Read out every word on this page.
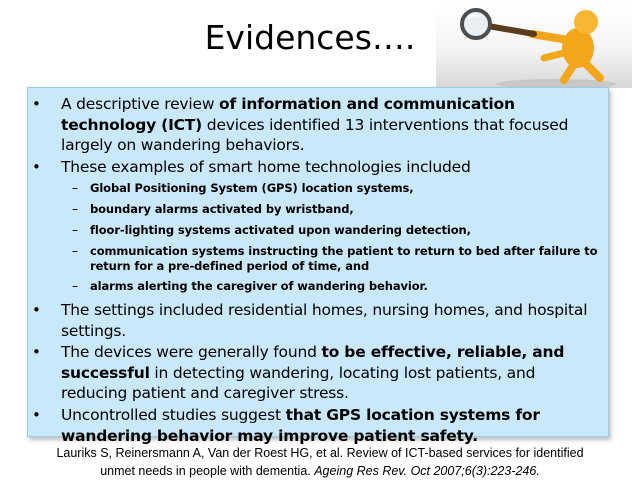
Evidences….
• A descriptive review of information and communication technology (ICT) devices identified 13 interventions that focused largely on wandering behaviors.
• These examples of smart home technologies included
– Global Positioning System (GPS) location systems,
– boundary alarms activated by wristband,
– floor-lighting systems activated upon wandering detection,
– communication systems instructing the patient to return to bed after failure to return for a pre-defined period of time, and
– alarms alerting the caregiver of wandering behavior.
• The settings included residential homes, nursing homes, and hospital settings.
• The devices were generally found to be effective, reliable, and successful in detecting wandering, locating lost patients, and reducing patient and caregiver stress.
• Uncontrolled studies suggest that GPS location systems for wandering behavior may improve patient safety.
Lauriks S, Reinersmann A, Van der Roest HG, et al. Review of ICT-based services for identified
unmet needs in people with dementia. Ageing Res Rev. Oct 2007;6(3):223-246.
